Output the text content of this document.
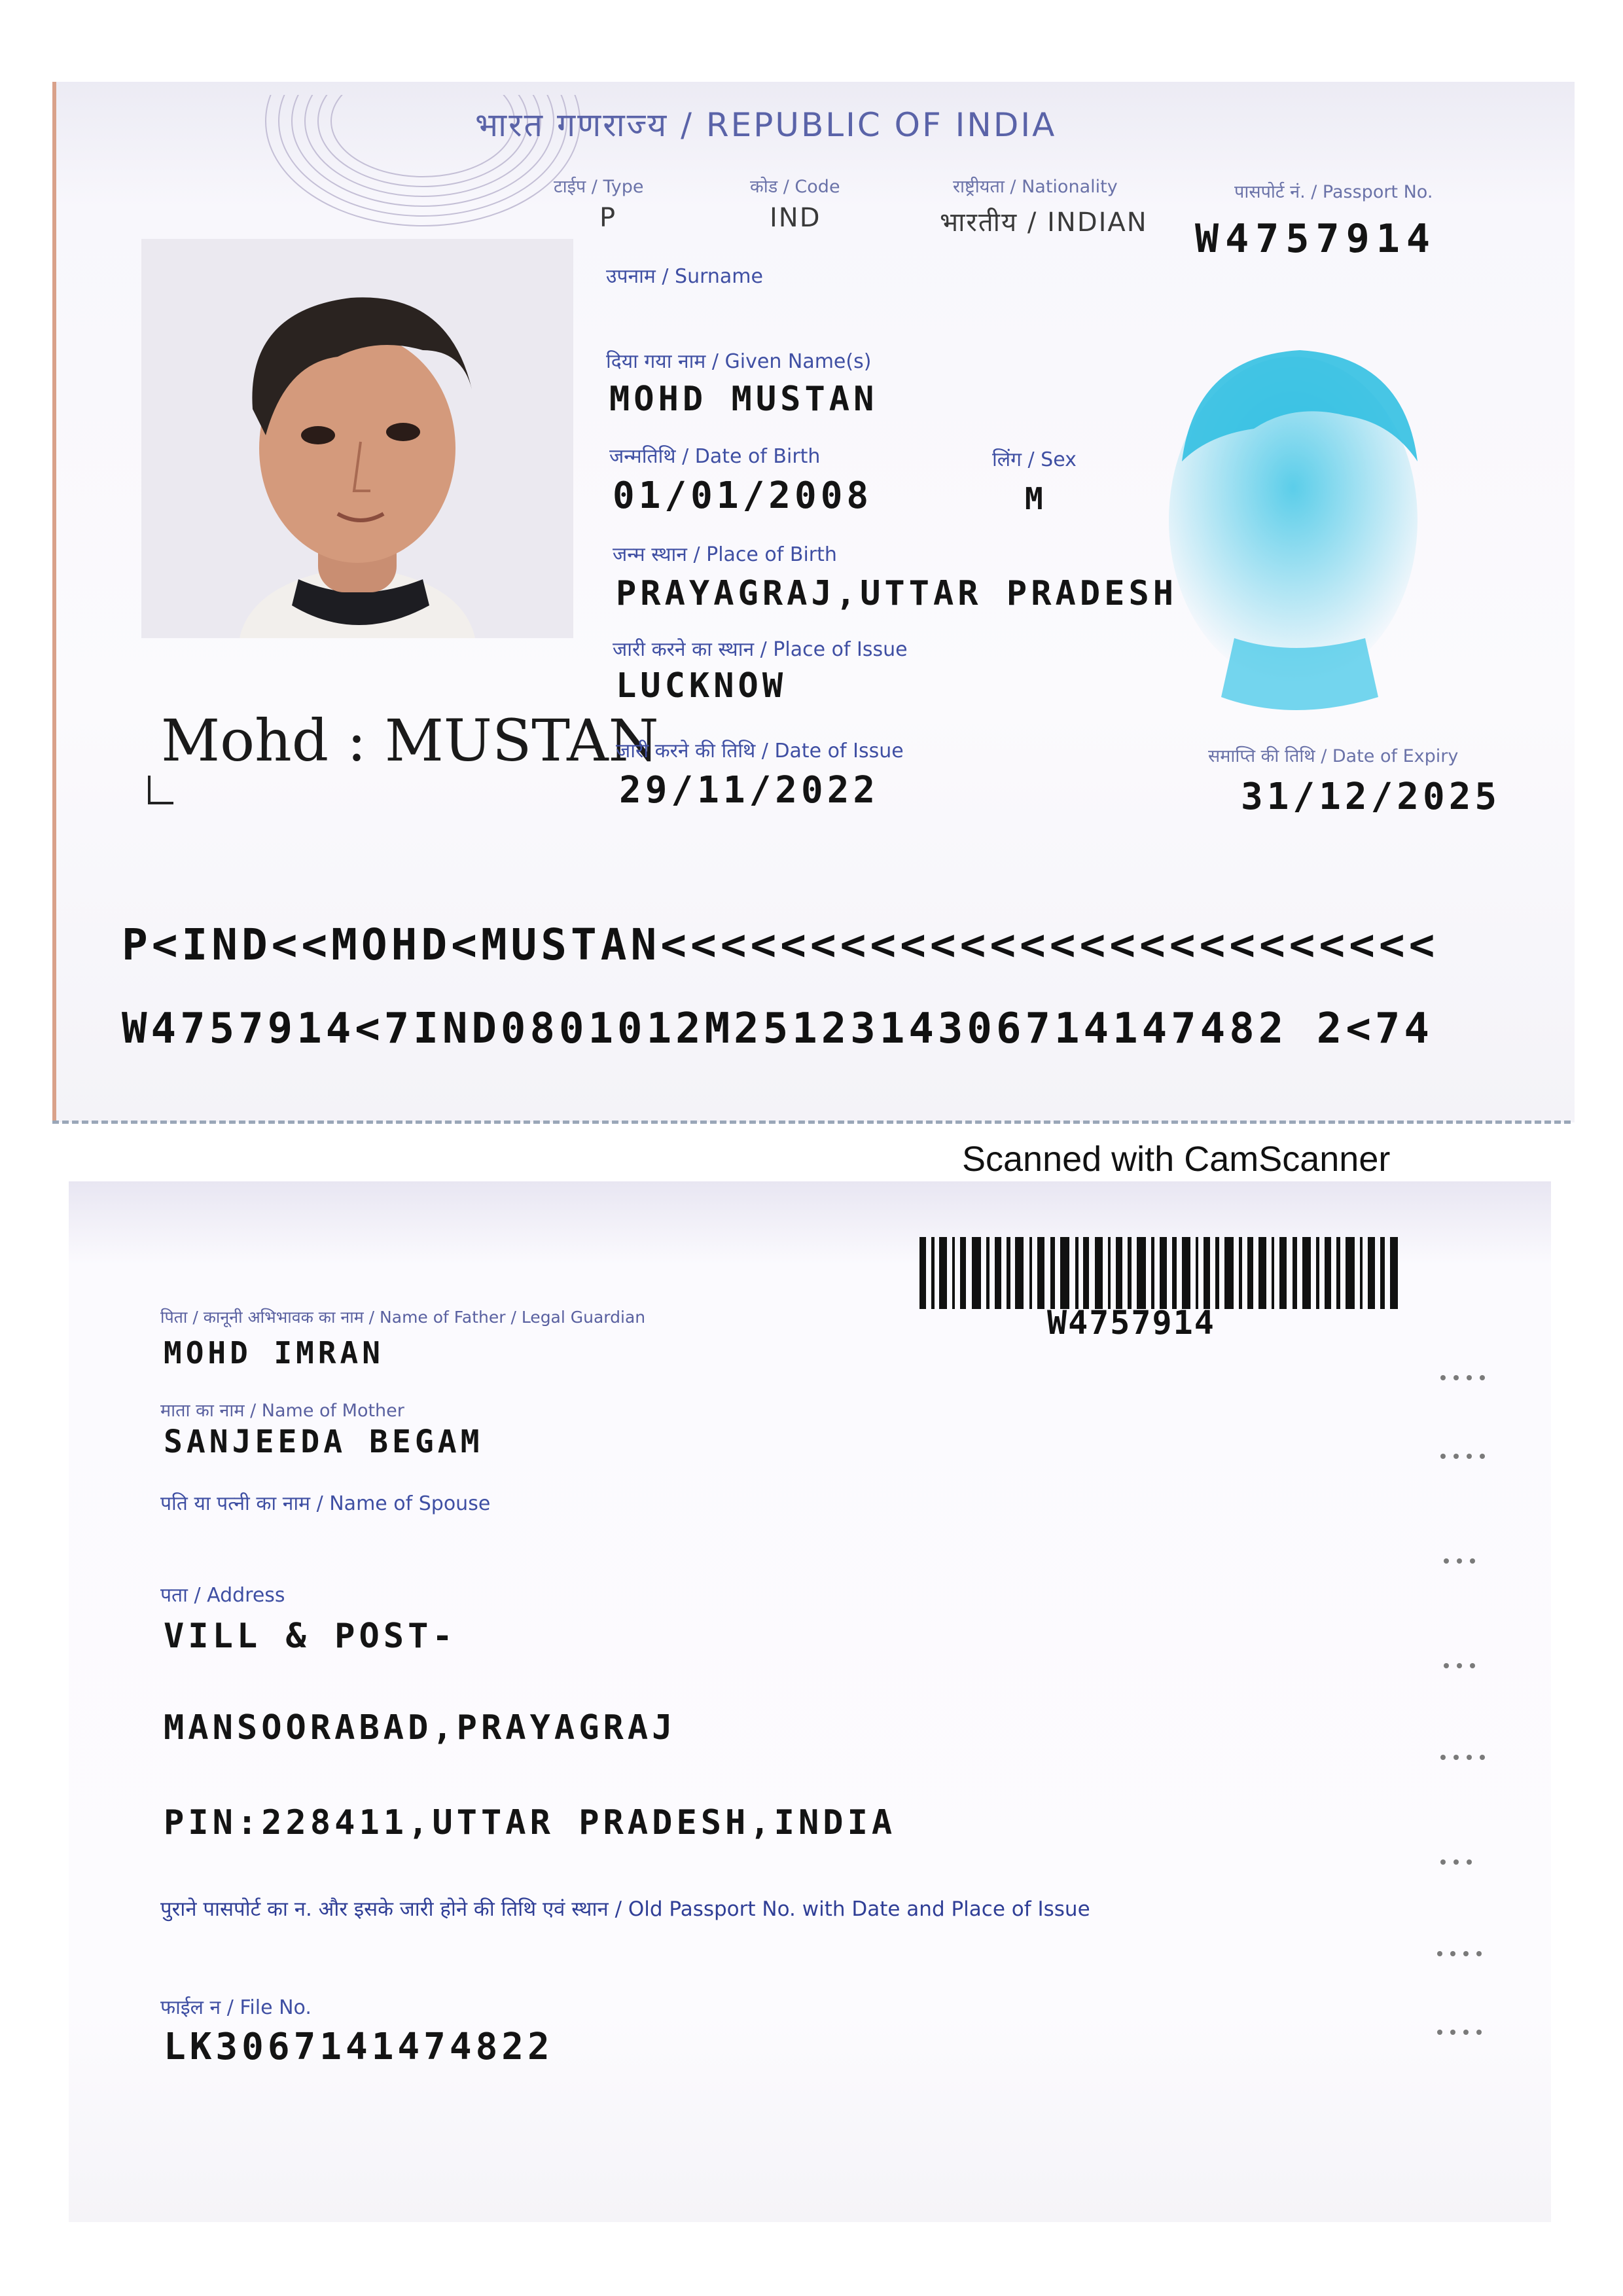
भारत गणराज्य / REPUBLIC OF INDIA
टाईप / Type
P
कोड / Code
IND
राष्ट्रीयता / Nationality
भारतीय / INDIAN
पासपोर्ट नं. / Passport No.
W4757914
उपनाम / Surname
दिया गया नाम / Given Name(s)
MOHD MUSTAN
जन्मतिथि / Date of Birth
01/01/2008
लिंग / Sex
M
जन्म स्थान / Place of Birth
PRAYAGRAJ,UTTAR PRADESH
जारी करने का स्थान / Place of Issue
LUCKNOW
Mohd : MUSTAN
जारी करने की तिथि / Date of Issue
29/11/2022
समाप्ति की तिथि / Date of Expiry
31/12/2025
P<IND<<MOHD<MUSTAN<<<<<<<<<<<<<<<<<<<<<<<<<<
W4757914<7IND0801012M2512314306714147482 2<74
Scanned with CamScanner
पिता / कानूनी अभिभावक का नाम / Name of Father / Legal Guardian
MOHD IMRAN
माता का नाम / Name of Mother
SANJEEDA BEGAM
पति या पत्नी का नाम / Name of Spouse
पता / Address
VILL & POST-
MANSOORABAD,PRAYAGRAJ
PIN:228411,UTTAR PRADESH,INDIA
पुराने पासपोर्ट का न. और इसके जारी होने की तिथि एवं स्थान / Old Passport No. with Date and Place of Issue
फाईल न / File No.
LK3067141474822
W4757914
